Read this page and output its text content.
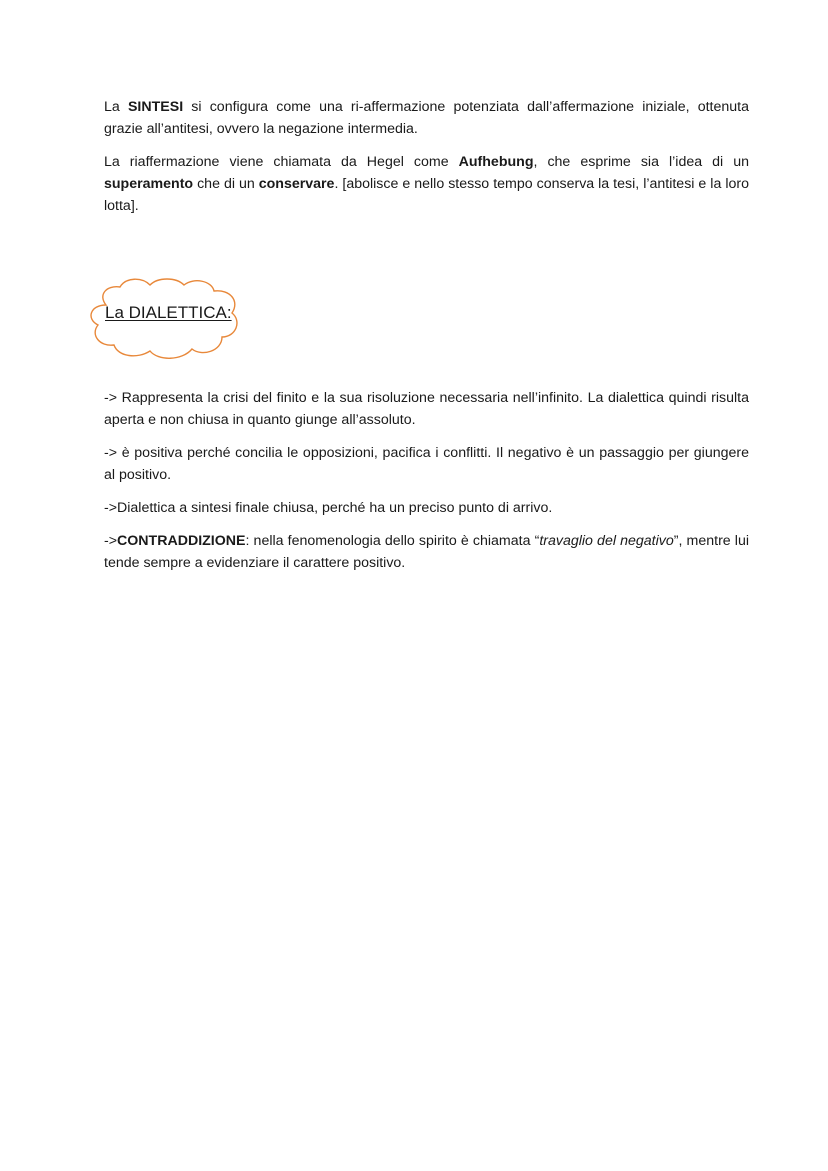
La SINTESI si configura come una ri-affermazione potenziata dall’affermazione iniziale, ottenuta grazie all’antitesi, ovvero la negazione intermedia.

La riaffermazione viene chiamata da Hegel come Aufhebung, che esprime sia l’idea di un superamento che di un conservare. [abolisce e nello stesso tempo conserva la tesi, l’antitesi e la loro lotta].

La DIALETTICA:

-> Rappresenta la crisi del finito e la sua risoluzione necessaria nell’infinito. La dialettica quindi risulta aperta e non chiusa in quanto giunge all’assoluto.

-> è positiva perché concilia le opposizioni, pacifica i conflitti. Il negativo è un passaggio per giungere al positivo.

->Dialettica a sintesi finale chiusa, perché ha un preciso punto di arrivo.

->CONTRADDIZIONE: nella fenomenologia dello spirito è chiamata “travaglio del negativo”, mentre lui tende sempre a evidenziare il carattere positivo.
